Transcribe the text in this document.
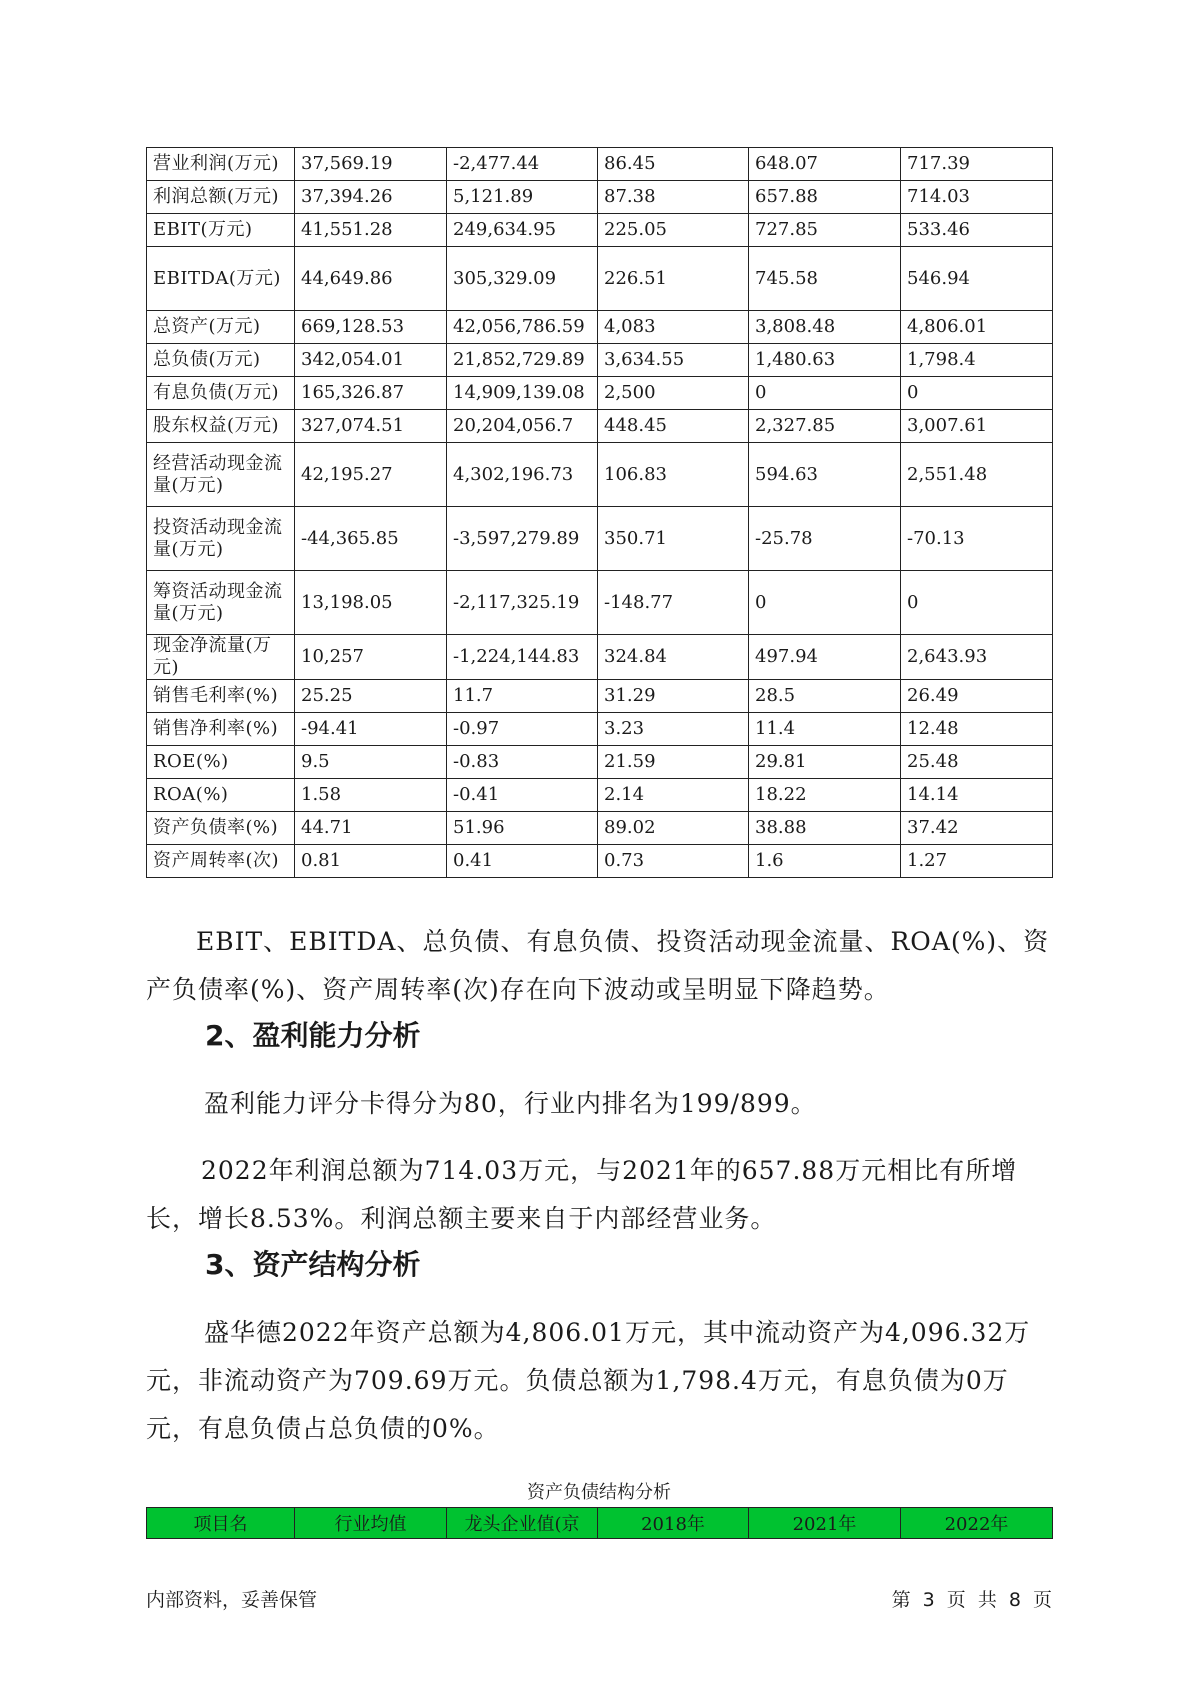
营业利润(万元)	37,569.19	-2,477.44	86.45	648.07	717.39
利润总额(万元)	37,394.26	5,121.89	87.38	657.88	714.03
EBIT(万元)	41,551.28	249,634.95	225.05	727.85	533.46
EBITDA(万元)	44,649.86	305,329.09	226.51	745.58	546.94
总资产(万元)	669,128.53	42,056,786.59	4,083	3,808.48	4,806.01
总负债(万元)	342,054.01	21,852,729.89	3,634.55	1,480.63	1,798.4
有息负债(万元)	165,326.87	14,909,139.08	2,500	0	0
股东权益(万元)	327,074.51	20,204,056.7	448.45	2,327.85	3,007.61
经营活动现金流量(万元)	42,195.27	4,302,196.73	106.83	594.63	2,551.48
投资活动现金流量(万元)	-44,365.85	-3,597,279.89	350.71	-25.78	-70.13
筹资活动现金流量(万元)	13,198.05	-2,117,325.19	-148.77	0	0
现金净流量(万元)	10,257	-1,224,144.83	324.84	497.94	2,643.93
销售毛利率(%)	25.25	11.7	31.29	28.5	26.49
销售净利率(%)	-94.41	-0.97	3.23	11.4	12.48
ROE(%)	9.5	-0.83	21.59	29.81	25.48
ROA(%)	1.58	-0.41	2.14	18.22	14.14
资产负债率(%)	44.71	51.96	89.02	38.88	37.42
资产周转率(次)	0.81	0.41	0.73	1.6	1.27

EBIT、EBITDA、总负债、有息负债、投资活动现金流量、ROA(%)、资产负债率(%)、资产周转率(次)存在向下波动或呈明显下降趋势。

2、盈利能力分析

盈利能力评分卡得分为80，行业内排名为199/899。

2022年利润总额为714.03万元，与2021年的657.88万元相比有所增长，增长8.53%。利润总额主要来自于内部经营业务。

3、资产结构分析

盛华德2022年资产总额为4,806.01万元，其中流动资产为4,096.32万元，非流动资产为709.69万元。负债总额为1,798.4万元，有息负债为0万元，有息负债占总负债的0%。

资产负债结构分析
项目名	行业均值	龙头企业值(京	2018年	2021年	2022年
内部资料，妥善保管	第 3 页 共 8 页
